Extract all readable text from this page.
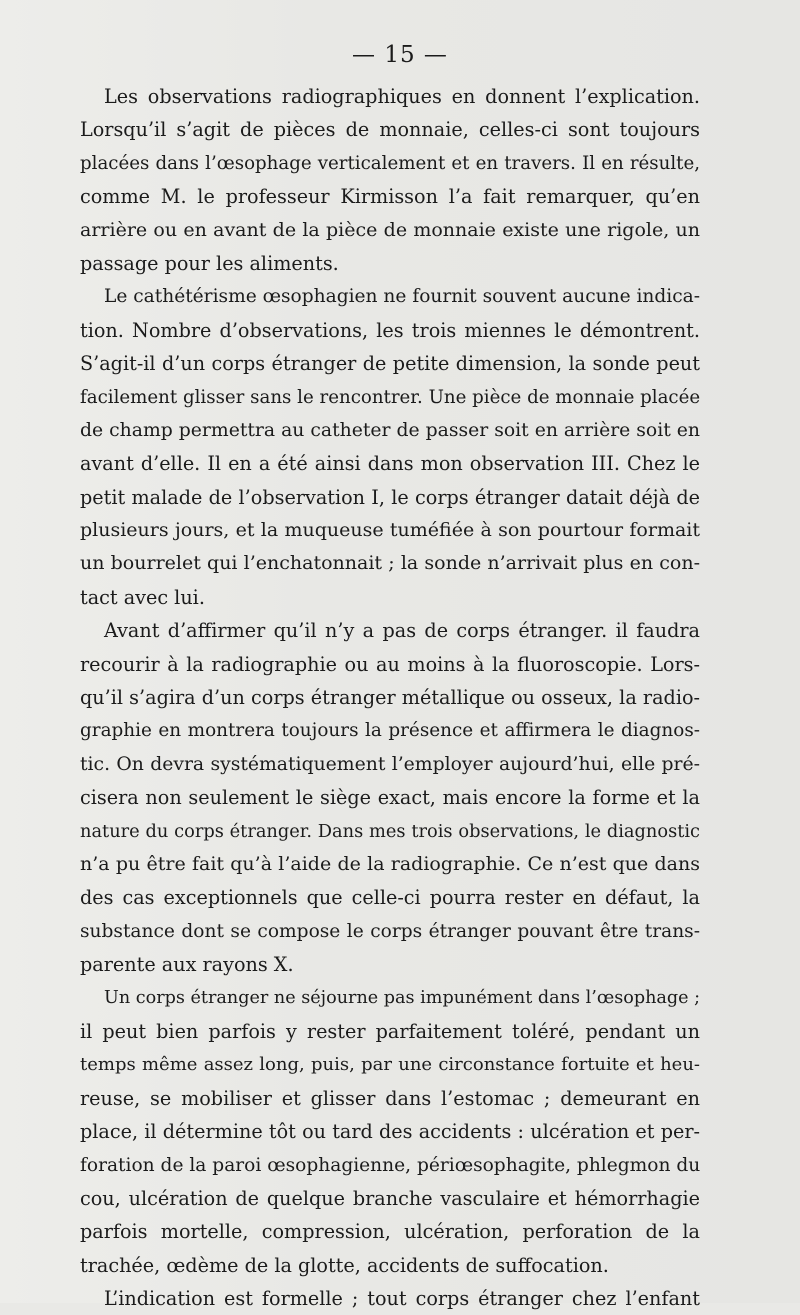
— 15 —
Les observations radiographiques en donnent l’explication.
Lorsqu’il s’agit de pièces de monnaie, celles-ci sont toujours
placées dans l’œsophage verticalement et en travers. Il en résulte,
comme M. le professeur Kirmisson l’a fait remarquer, qu’en
arrière ou en avant de la pièce de monnaie existe une rigole, un
passage pour les aliments.
Le cathétérisme œsophagien ne fournit souvent aucune indica-
tion. Nombre d’observations, les trois miennes le démontrent.
S’agit-il d’un corps étranger de petite dimension, la sonde peut
facilement glisser sans le rencontrer. Une pièce de monnaie placée
de champ permettra au catheter de passer soit en arrière soit en
avant d’elle. Il en a été ainsi dans mon observation III. Chez le
petit malade de l’observation I, le corps étranger datait déjà de
plusieurs jours, et la muqueuse tuméfiée à son pourtour formait
un bourrelet qui l’enchatonnait ; la sonde n’arrivait plus en con-
tact avec lui.
Avant d’affirmer qu’il n’y a pas de corps étranger. il faudra
recourir à la radiographie ou au moins à la fluoroscopie. Lors-
qu’il s’agira d’un corps étranger métallique ou osseux, la radio-
graphie en montrera toujours la présence et affirmera le diagnos-
tic. On devra systématiquement l’employer aujourd’hui, elle pré-
cisera non seulement le siège exact, mais encore la forme et la
nature du corps étranger. Dans mes trois observations, le diagnostic
n’a pu être fait qu’à l’aide de la radiographie. Ce n’est que dans
des cas exceptionnels que celle-ci pourra rester en défaut, la
substance dont se compose le corps étranger pouvant être trans-
parente aux rayons X.
Un corps étranger ne séjourne pas impunément dans l’œsophage ;
il peut bien parfois y rester parfaitement toléré, pendant un
temps même assez long, puis, par une circonstance fortuite et heu-
reuse, se mobiliser et glisser dans l’estomac ; demeurant en
place, il détermine tôt ou tard des accidents : ulcération et per-
foration de la paroi œsophagienne, périœsophagite, phlegmon du
cou, ulcération de quelque branche vasculaire et hémorrhagie
parfois mortelle, compression, ulcération, perforation de la
trachée, œdème de la glotte, accidents de suffocation.
L’indication est formelle ; tout corps étranger chez l’enfant
